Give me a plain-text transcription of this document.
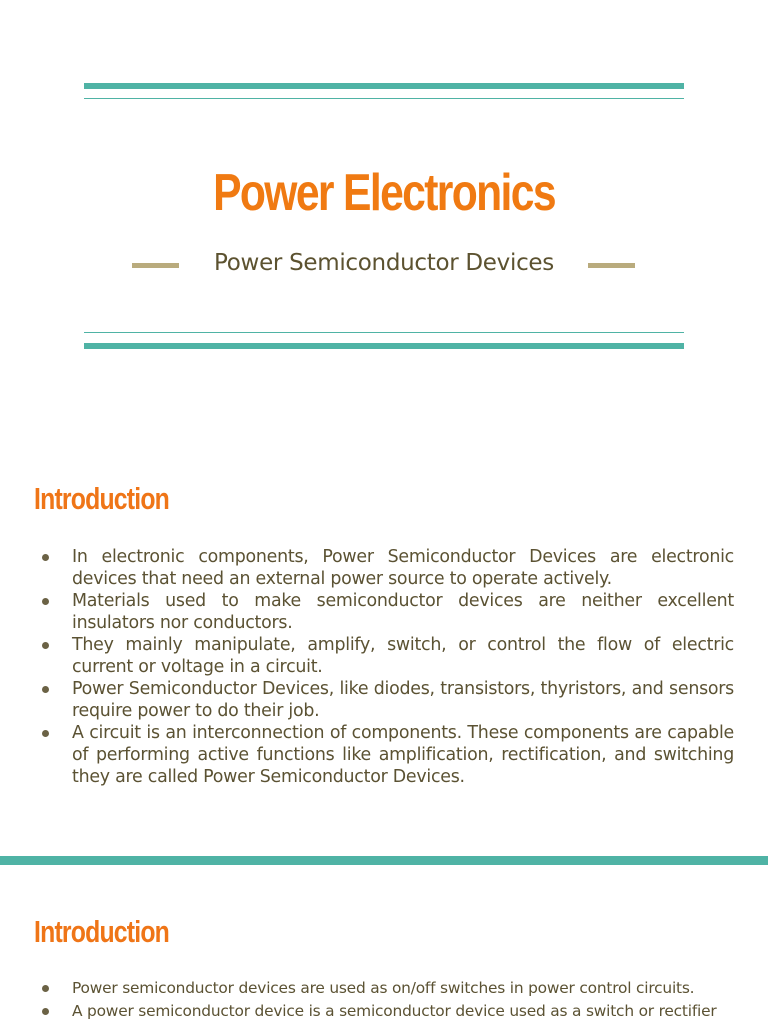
Power Electronics
Power Semiconductor Devices
Introduction
In electronic components, Power Semiconductor Devices are electronic devices that need an external power source to operate actively.
Materials used to make semiconductor devices are neither excellent insulators nor conductors.
They mainly manipulate, amplify, switch, or control the flow of electric current or voltage in a circuit.
Power Semiconductor Devices, like diodes, transistors, thyristors, and sensors require power to do their job.
A circuit is an interconnection of components. These components are capable of performing active functions like amplification, rectification, and switching they are called Power Semiconductor Devices.
Introduction
Power semiconductor devices are used as on/off switches in power control circuits.
A power semiconductor device is a semiconductor device used as a switch or rectifier
